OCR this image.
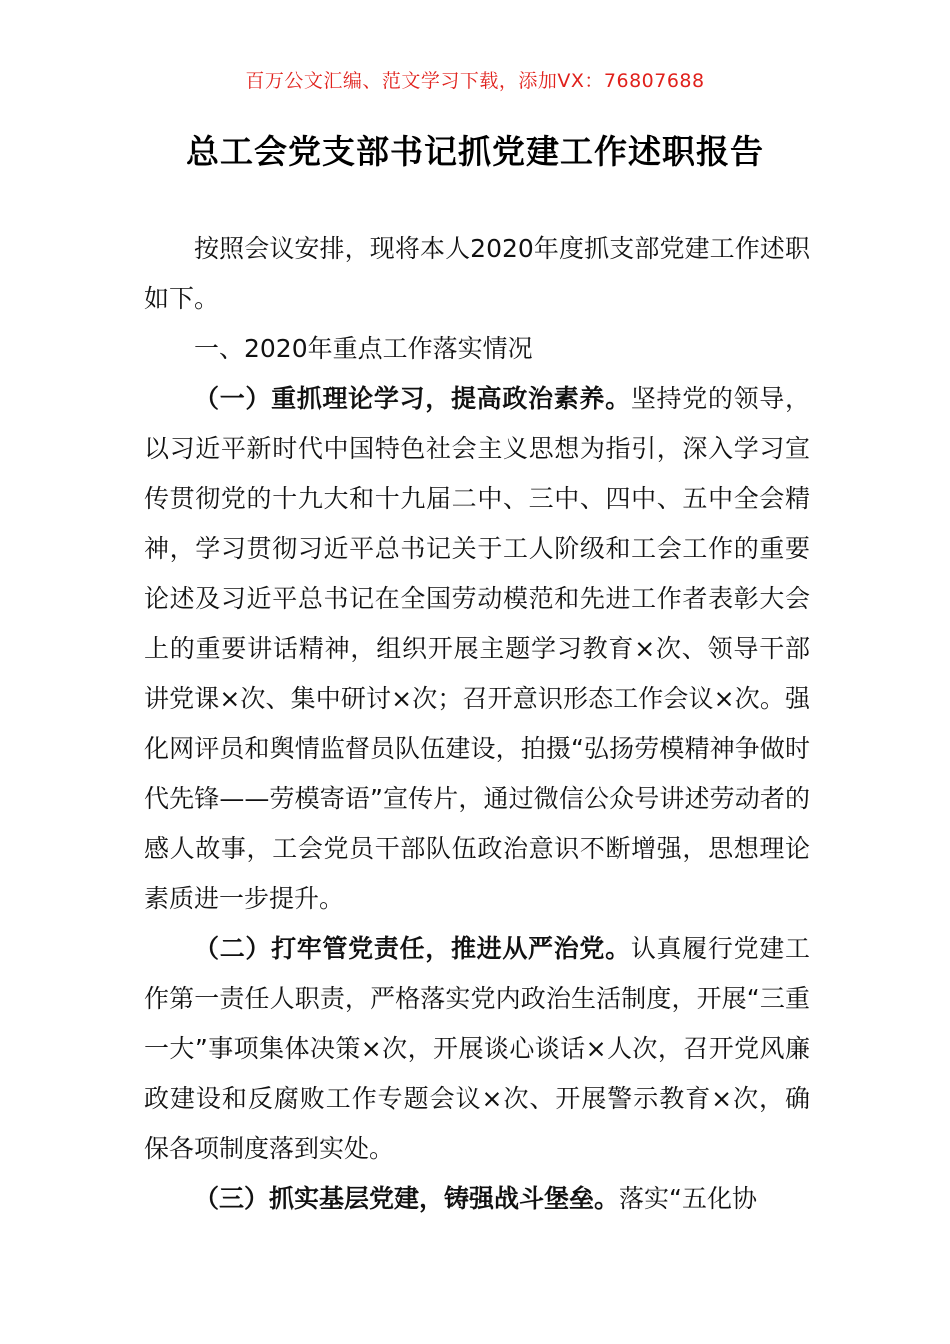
百万公文汇编、范文学习下载，添加VX：76807688
总工会党支部书记抓党建工作述职报告

按照会议安排，现将本人2020年度抓支部党建工作述职如下。

一、2020年重点工作落实情况

（一）重抓理论学习，提高政治素养。坚持党的领导，以习近平新时代中国特色社会主义思想为指引，深入学习宣传贯彻党的十九大和十九届二中、三中、四中、五中全会精神，学习贯彻习近平总书记关于工人阶级和工会工作的重要论述及习近平总书记在全国劳动模范和先进工作者表彰大会上的重要讲话精神，组织开展主题学习教育×次、领导干部讲党课×次、集中研讨×次；召开意识形态工作会议×次。强化网评员和舆情监督员队伍建设，拍摄“弘扬劳模精神争做时代先锋——劳模寄语”宣传片，通过微信公众号讲述劳动者的感人故事，工会党员干部队伍政治意识不断增强，思想理论素质进一步提升。

（二）打牢管党责任，推进从严治党。认真履行党建工作第一责任人职责，严格落实党内政治生活制度，开展“三重一大”事项集体决策×次，开展谈心谈话×人次，召开党风廉政建设和反腐败工作专题会议×次、开展警示教育×次，确保各项制度落到实处。

（三）抓实基层党建，铸强战斗堡垒。落实“五化协
